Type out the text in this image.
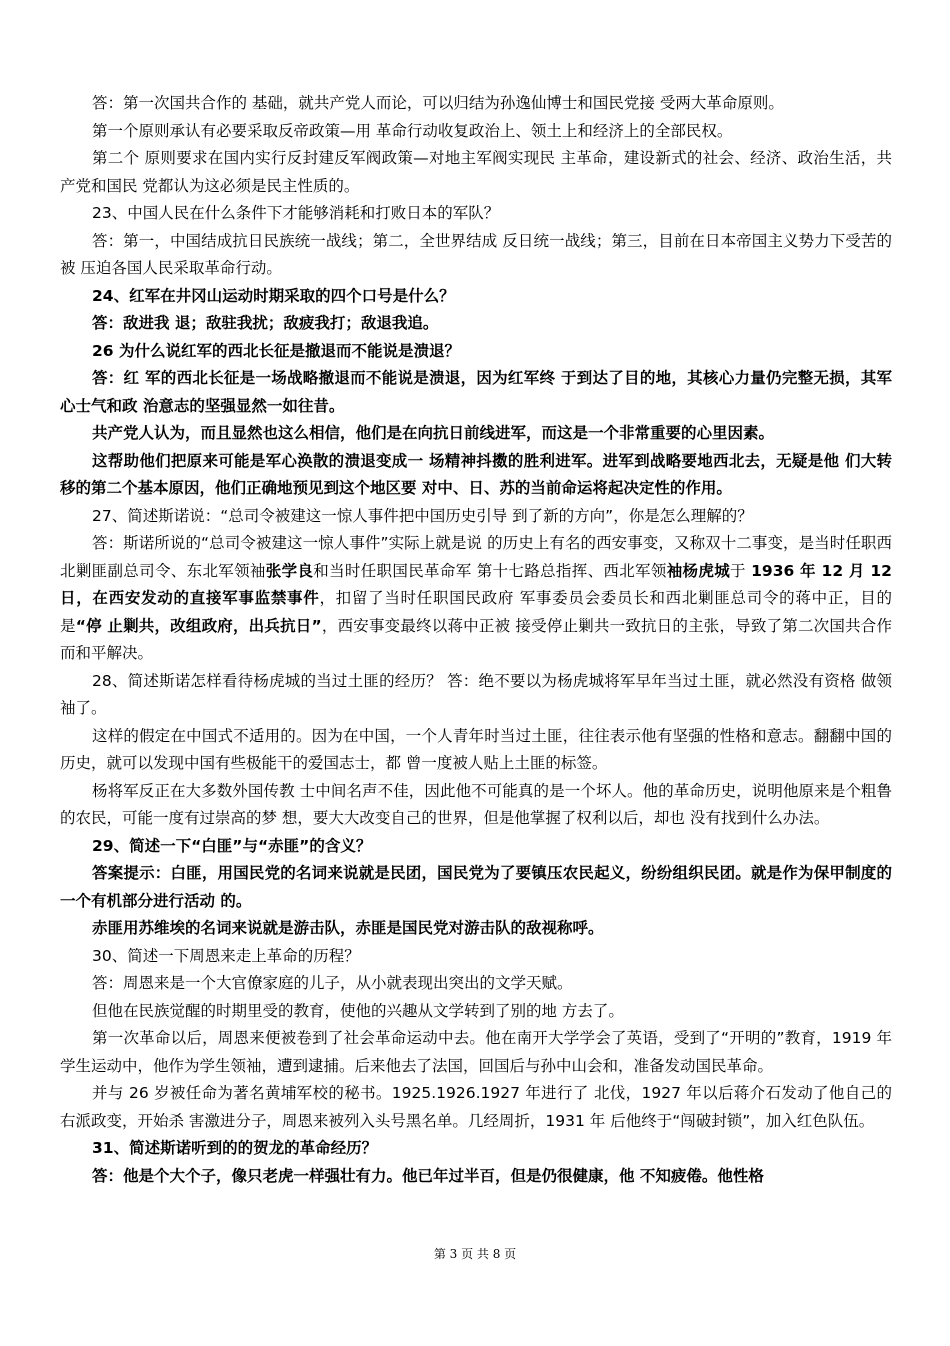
答：第一次国共合作的 基础，就共产党人而论，可以归结为孙逸仙博士和国民党接 受两大革命原则。

第一个原则承认有必要采取反帝政策—用 革命行动收复政治上、领土上和经济上的全部民权。

第二个 原则要求在国内实行反封建反军阀政策—对地主军阀实现民 主革命，建设新式的社会、经济、政治生活，共产党和国民 党都认为这必须是民主性质的。

23、中国人民在什么条件下才能够消耗和打败日本的军队？

答：第一，中国结成抗日民族统一战线；第二，全世界结成 反日统一战线；第三，目前在日本帝国主义势力下受苦的被 压迫各国人民采取革命行动。

24、红军在井冈山运动时期采取的四个口号是什么？

答：敌进我 退；敌驻我扰；敌疲我打；敌退我追。

26 为什么说红军的西北长征是撤退而不能说是溃退？

答：红 军的西北长征是一场战略撤退而不能说是溃退，因为红军终 于到达了目的地，其核心力量仍完整无损，其军心士气和政 治意志的坚强显然一如往昔。

共产党人认为，而且显然也这么相信，他们是在向抗日前线进军，而这是一个非常重要的心里因素。

这帮助他们把原来可能是军心涣散的溃退变成一 场精神抖擞的胜利进军。进军到战略要地西北去，无疑是他 们大转移的第二个基本原因，他们正确地预见到这个地区要 对中、日、苏的当前命运将起决定性的作用。

27、简述斯诺说：“总司令被建这一惊人事件把中国历史引导 到了新的方向”，你是怎么理解的？

答：斯诺所说的“总司令被建这一惊人事件”实际上就是说 的历史上有名的西安事变，又称双十二事变，是当时任职西 北剿匪副总司令、东北军领袖张学良和当时任职国民革命军 第十七路总指挥、西北军领袖杨虎城于 1936 年 12 月 12 日，在西安发动的直接军事监禁事件，扣留了当时任职国民政府 军事委员会委员长和西北剿匪总司令的蒋中正，目的是“停 止剿共，改组政府，出兵抗日”，西安事变最终以蒋中正被 接受停止剿共一致抗日的主张，导致了第二次国共合作而和平解决。

28、简述斯诺怎样看待杨虎城的当过土匪的经历？ 答：绝不要以为杨虎城将军早年当过土匪，就必然没有资格 做领袖了。

这样的假定在中国式不适用的。因为在中国，一个人青年时当过土匪，往往表示他有坚强的性格和意志。翻翻中国的历史，就可以发现中国有些极能干的爱国志士，都 曾一度被人贴上土匪的标签。

杨将军反正在大多数外国传教 士中间名声不佳，因此他不可能真的是一个坏人。他的革命历史，说明他原来是个粗鲁的农民，可能一度有过崇高的梦 想，要大大改变自己的世界，但是他掌握了权利以后，却也 没有找到什么办法。

29、简述一下“白匪”与“赤匪”的含义？

答案提示：白匪，用国民党的名词来说就是民团，国民党为了要镇压农民起义，纷纷组织民团。就是作为保甲制度的一个有机部分进行活动 的。

赤匪用苏维埃的名词来说就是游击队，赤匪是国民党对游击队的敌视称呼。

30、简述一下周恩来走上革命的历程？

答：周恩来是一个大官僚家庭的儿子，从小就表现出突出的文学天赋。

但他在民族觉醒的时期里受的教育，使他的兴趣从文学转到了别的地 方去了。

第一次革命以后，周恩来便被卷到了社会革命运动中去。他在南开大学学会了英语，受到了“开明的”教育，1919 年学生运动中，他作为学生领袖，遭到逮捕。后来他去了法国，回国后与孙中山会和，准备发动国民革命。

并与 26 岁被任命为著名黄埔军校的秘书。1925.1926.1927 年进行了 北伐，1927 年以后蒋介石发动了他自己的右派政变，开始杀 害激进分子，周恩来被列入头号黑名单。几经周折，1931 年 后他终于“闯破封锁”，加入红色队伍。

31、简述斯诺听到的的贺龙的革命经历？

答：他是个大个子，像只老虎一样强壮有力。他已年过半百，但是仍很健康，他 不知疲倦。他性格

第 3 页 共 8 页
